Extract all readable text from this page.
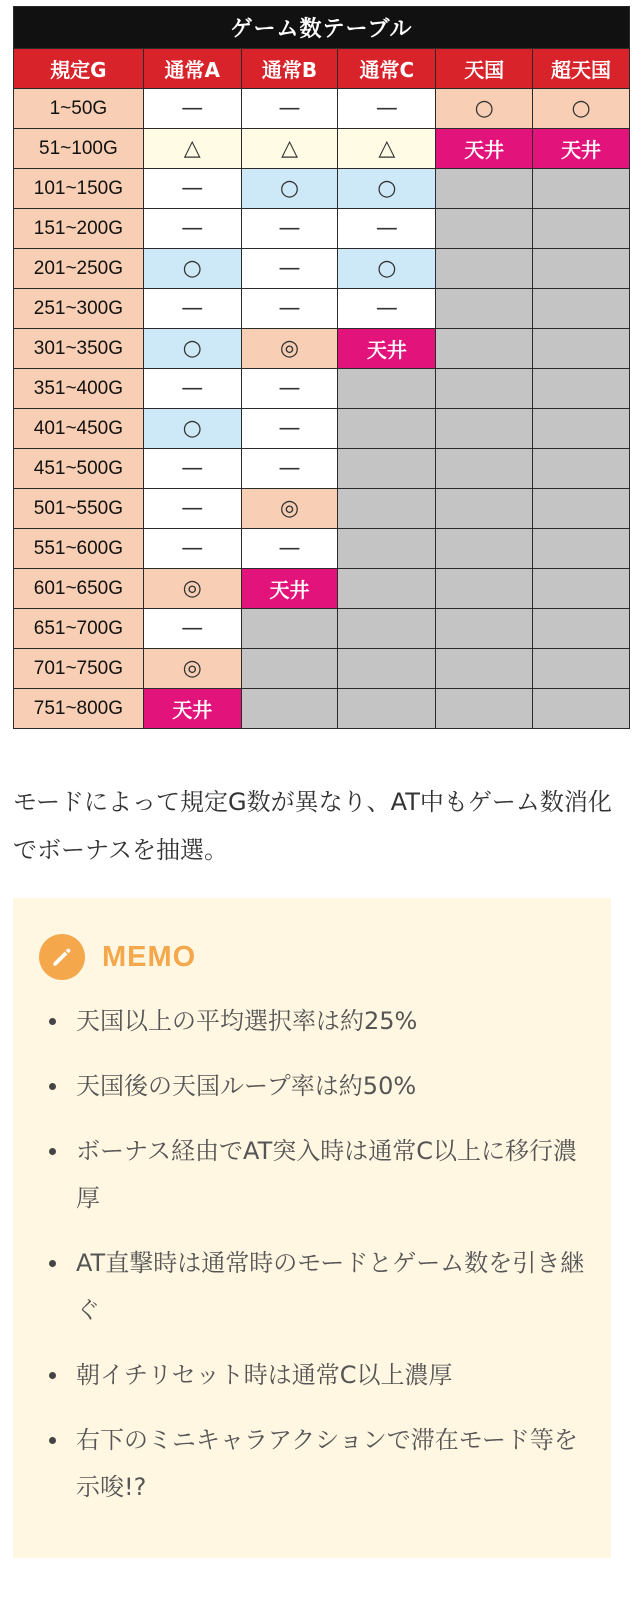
ゲーム数テーブル					
規定G	通常A	通常B	通常C	天国	超天国
1~50G	—	—	—	○	○
51~100G	△	△	△	天井	天井
101~150G	—	○	○		
151~200G	—	—	—		
201~250G	○	—	○		
251~300G	—	—	—		
301~350G	○	◎	天井		
351~400G	—	—			
401~450G	○	—			
451~500G	—	—			
501~550G	—	◎			
551~600G	—	—			
601~650G	◎	天井			
651~700G	—				
701~750G	◎				
751~800G	天井				

モードによって規定G数が異なり、AT中もゲーム数消化でボーナスを抽選。

MEMO
天国以上の平均選択率は約25%
天国後の天国ループ率は約50%
ボーナス経由でAT突入時は通常C以上に移行濃厚
AT直撃時は通常時のモードとゲーム数を引き継ぐ
朝イチリセット時は通常C以上濃厚
右下のミニキャラアクションで滞在モード等を示唆!?
